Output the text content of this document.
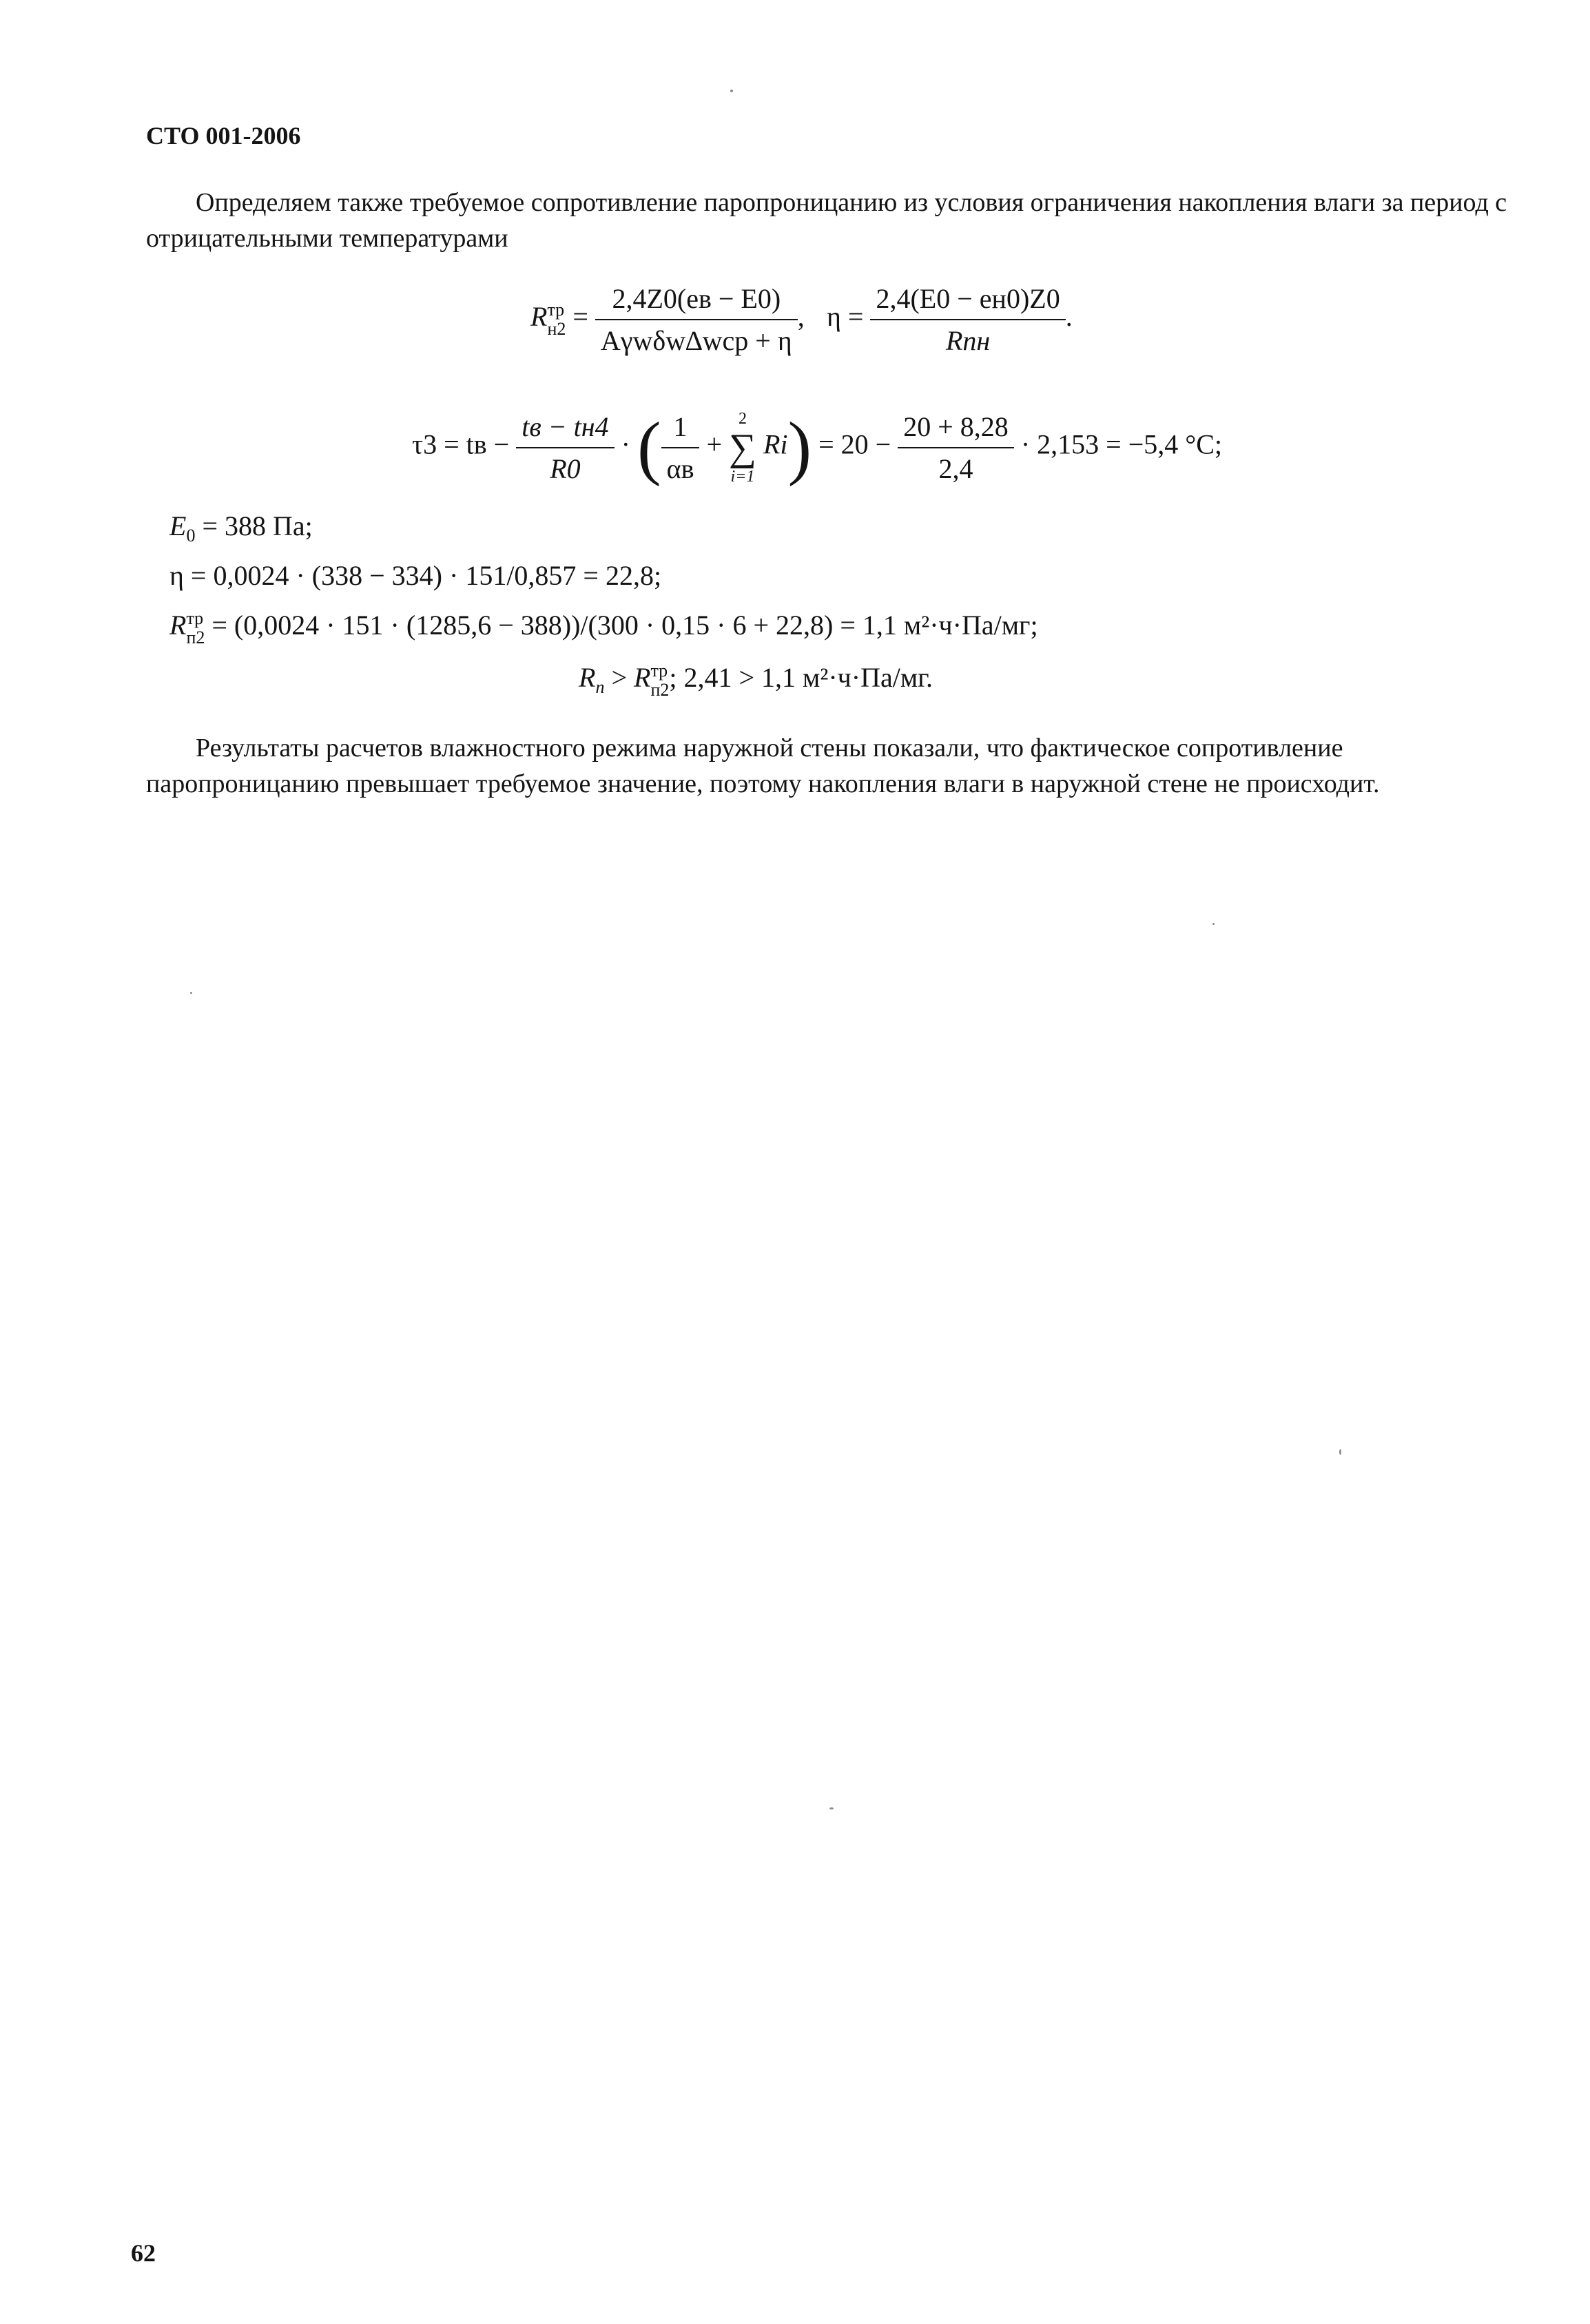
СТО 001-2006
Определяем также требуемое сопротивление паропроницанию из условия ограничения накопления влаги за период с отрицательными температурами
R тр
$н2 = \frac{2,4Z0(eв - E0)}{\text{Aγwδw∆wср + η}}$ , $\eta = \frac{2,4(E0 - eн0)Z0}{\text{Rпн}}$ .
τ3 = tв − $\frac{tв - tн4}{R0}$ · ( $\frac{1}{\alpha в}$ +
2
∑
i=1
$Ri) = 20 - \frac{20 + 8,28}{2,4} \cdot 2,153 = -5,4$ °С;
$E_0 = 388$ Па;
η = 0,0024 · (338 − 334) · 151/0,857 = 22,8;
R тр
п2 = (0,0024 · 151 · (1285,6 − 388))/(300 · 0,15 · 6 + 22,8) = 1,1 м²·ч·Па/мг;
$R_n > R$ тр
п2 ; 2,41 > 1,1 м²·ч·Па/мг.
Результаты расчетов влажностного режима наружной стены показали, что фактическое сопротивление паропроницанию превышает требуемое значение, поэтому накопления влаги в наружной стене не происходит.
62
